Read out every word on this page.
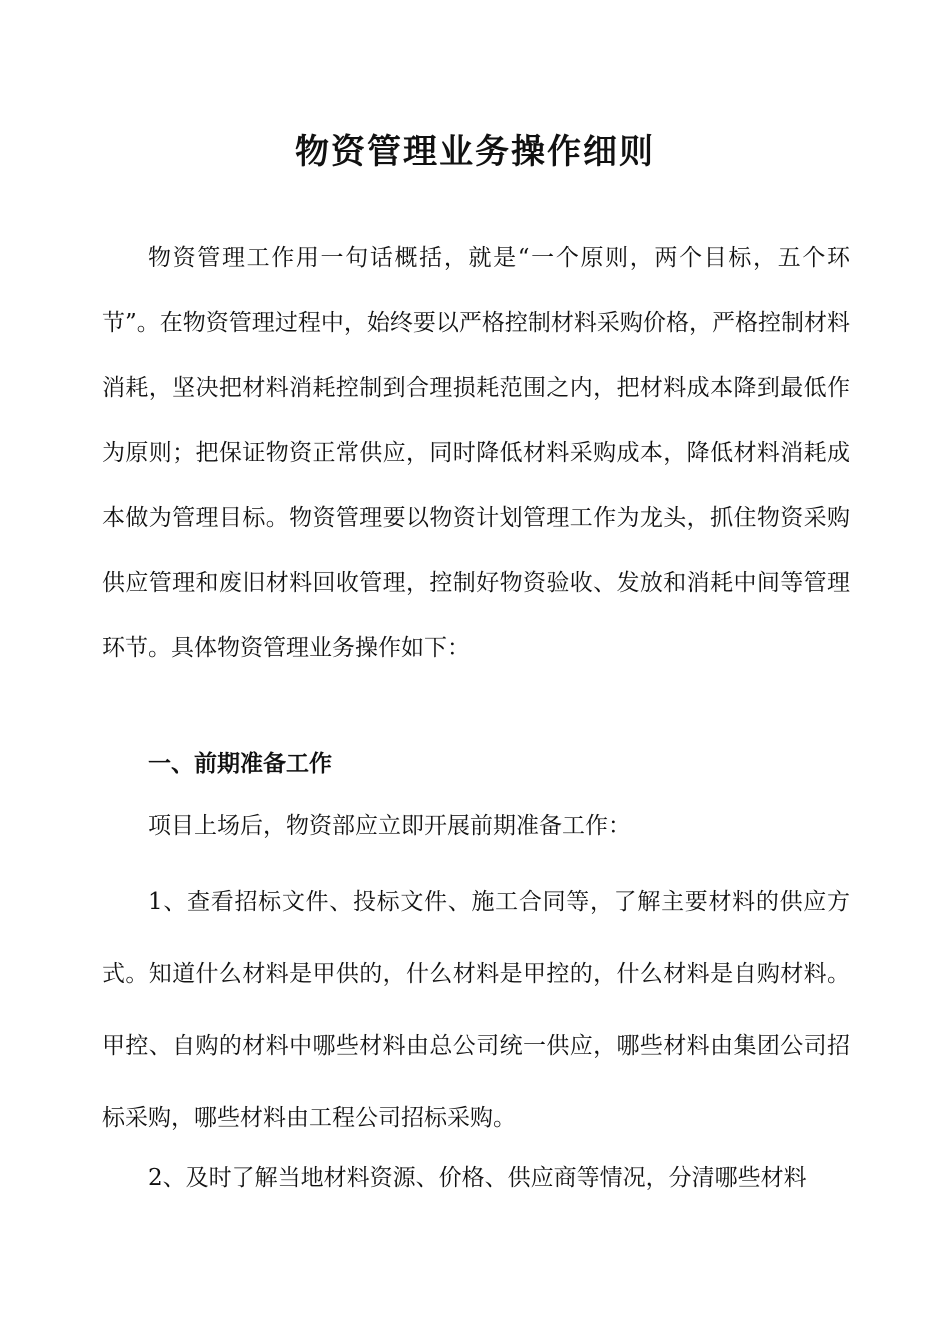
物资管理业务操作细则

物资管理工作用一句话概括，就是“一个原则，两个目标，五个环节”。在物资管理过程中，始终要以严格控制材料采购价格，严格控制材料消耗，坚决把材料消耗控制到合理损耗范围之内，把材料成本降到最低作为原则；把保证物资正常供应，同时降低材料采购成本，降低材料消耗成本做为管理目标。物资管理要以物资计划管理工作为龙头，抓住物资采购供应管理和废旧材料回收管理，控制好物资验收、发放和消耗中间等管理环节。具体物资管理业务操作如下：

一、前期准备工作

项目上场后，物资部应立即开展前期准备工作：

1、查看招标文件、投标文件、施工合同等，了解主要材料的供应方式。知道什么材料是甲供的，什么材料是甲控的，什么材料是自购材料。甲控、自购的材料中哪些材料由总公司统一供应，哪些材料由集团公司招标采购，哪些材料由工程公司招标采购。

2、及时了解当地材料资源、价格、供应商等情况，分清哪些材料
